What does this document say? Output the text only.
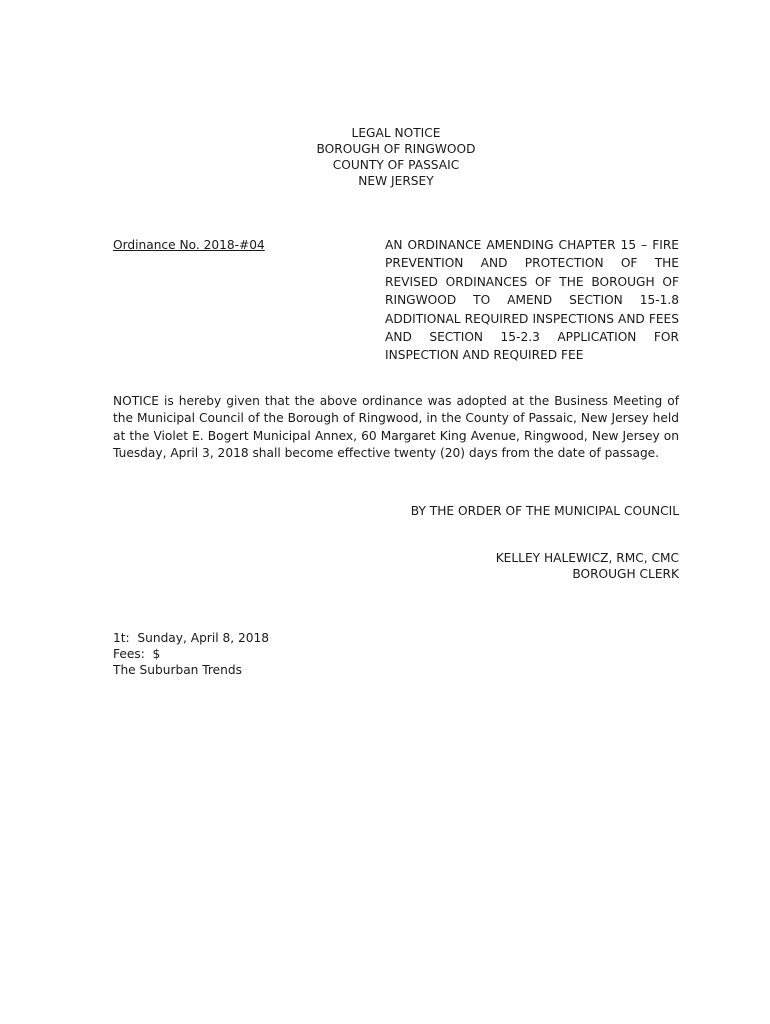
LEGAL NOTICE
BOROUGH OF RINGWOOD
COUNTY OF PASSAIC
NEW JERSEY
Ordinance No. 2018-#04	AN ORDINANCE AMENDING CHAPTER 15 – FIRE PREVENTION AND PROTECTION OF THE REVISED ORDINANCES OF THE BOROUGH OF RINGWOOD TO AMEND SECTION 15-1.8 ADDITIONAL REQUIRED INSPECTIONS AND FEES AND SECTION 15-2.3 APPLICATION FOR INSPECTION AND REQUIRED FEE
NOTICE is hereby given that the above ordinance was adopted at the Business Meeting of the Municipal Council of the Borough of Ringwood, in the County of Passaic, New Jersey held at the Violet E. Bogert Municipal Annex, 60 Margaret King Avenue, Ringwood, New Jersey on Tuesday, April 3, 2018 shall become effective twenty (20) days from the date of passage.
BY THE ORDER OF THE MUNICIPAL COUNCIL
KELLEY HALEWICZ, RMC, CMC
BOROUGH CLERK
1t:  Sunday, April 8, 2018
Fees:  $
The Suburban Trends
